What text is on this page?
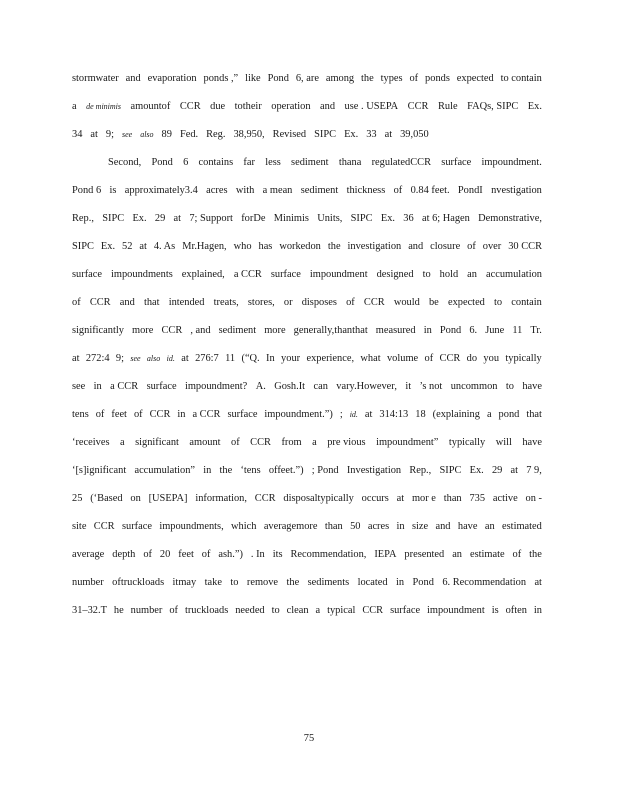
stormwater and evaporation ponds ,” like Pond 6, are among the types of ponds expected to contain
a de minimis amountof CCR due totheir operation and use . USEPA CCR Rule FAQs, SIPC Ex.
34 at 9; see also 89 Fed. Reg. 38,950, Revised SIPC Ex. 33 at 39,050
Second, Pond 6 contains far less sediment thana regulatedCCR surface impoundment.
Pond 6 is approximately3.4 acres with a mean sediment thickness of 0.84 feet. PondI nvestigation
Rep., SIPC Ex. 29 at 7; Support forDe Minimis Units, SIPC Ex. 36 at 6; Hagen Demonstrative,
SIPC Ex. 52 at 4. As Mr.Hagen, who has workedon the investigation and closure of over 30 CCR
surface impoundments explained, a CCR surface impoundment designed to hold an accumulation
of CCR and that intended treats, stores, or disposes of CCR would be expected to contain
significantly more CCR , and sediment more generally,thanthat measured in Pond 6. June 11 Tr.
at 272:4 9; see also id. at 276:7 11 (“Q. In your experience, what volume of CCR do you typically
see in a CCR surface impoundment? A. Gosh.It can vary.However, it ’s not uncommon to have
tens of feet of CCR in a CCR surface impoundment.”) ; id. at 314:13 18 (explaining a pond that
‘receives a significant amount of CCR from a pre vious impoundment” typically will have
‘[s]ignificant accumulation” in the ‘tens offeet.”) ; Pond Investigation Rep., SIPC Ex. 29 at 7 9,
25 (‘Based on [USEPA] information, CCR disposaltypically occurs at mor e than 735 active on -
site CCR surface impoundments, which averagemore than 50 acres in size and have an estimated
average depth of 20 feet of ash.”) . In its Recommendation, IEPA presented an estimate of the
number oftruckloads itmay take to remove the sediments located in Pond 6. Recommendation at
31–32.T he number of truckloads needed to clean a typical CCR surface impoundment is often in
75
